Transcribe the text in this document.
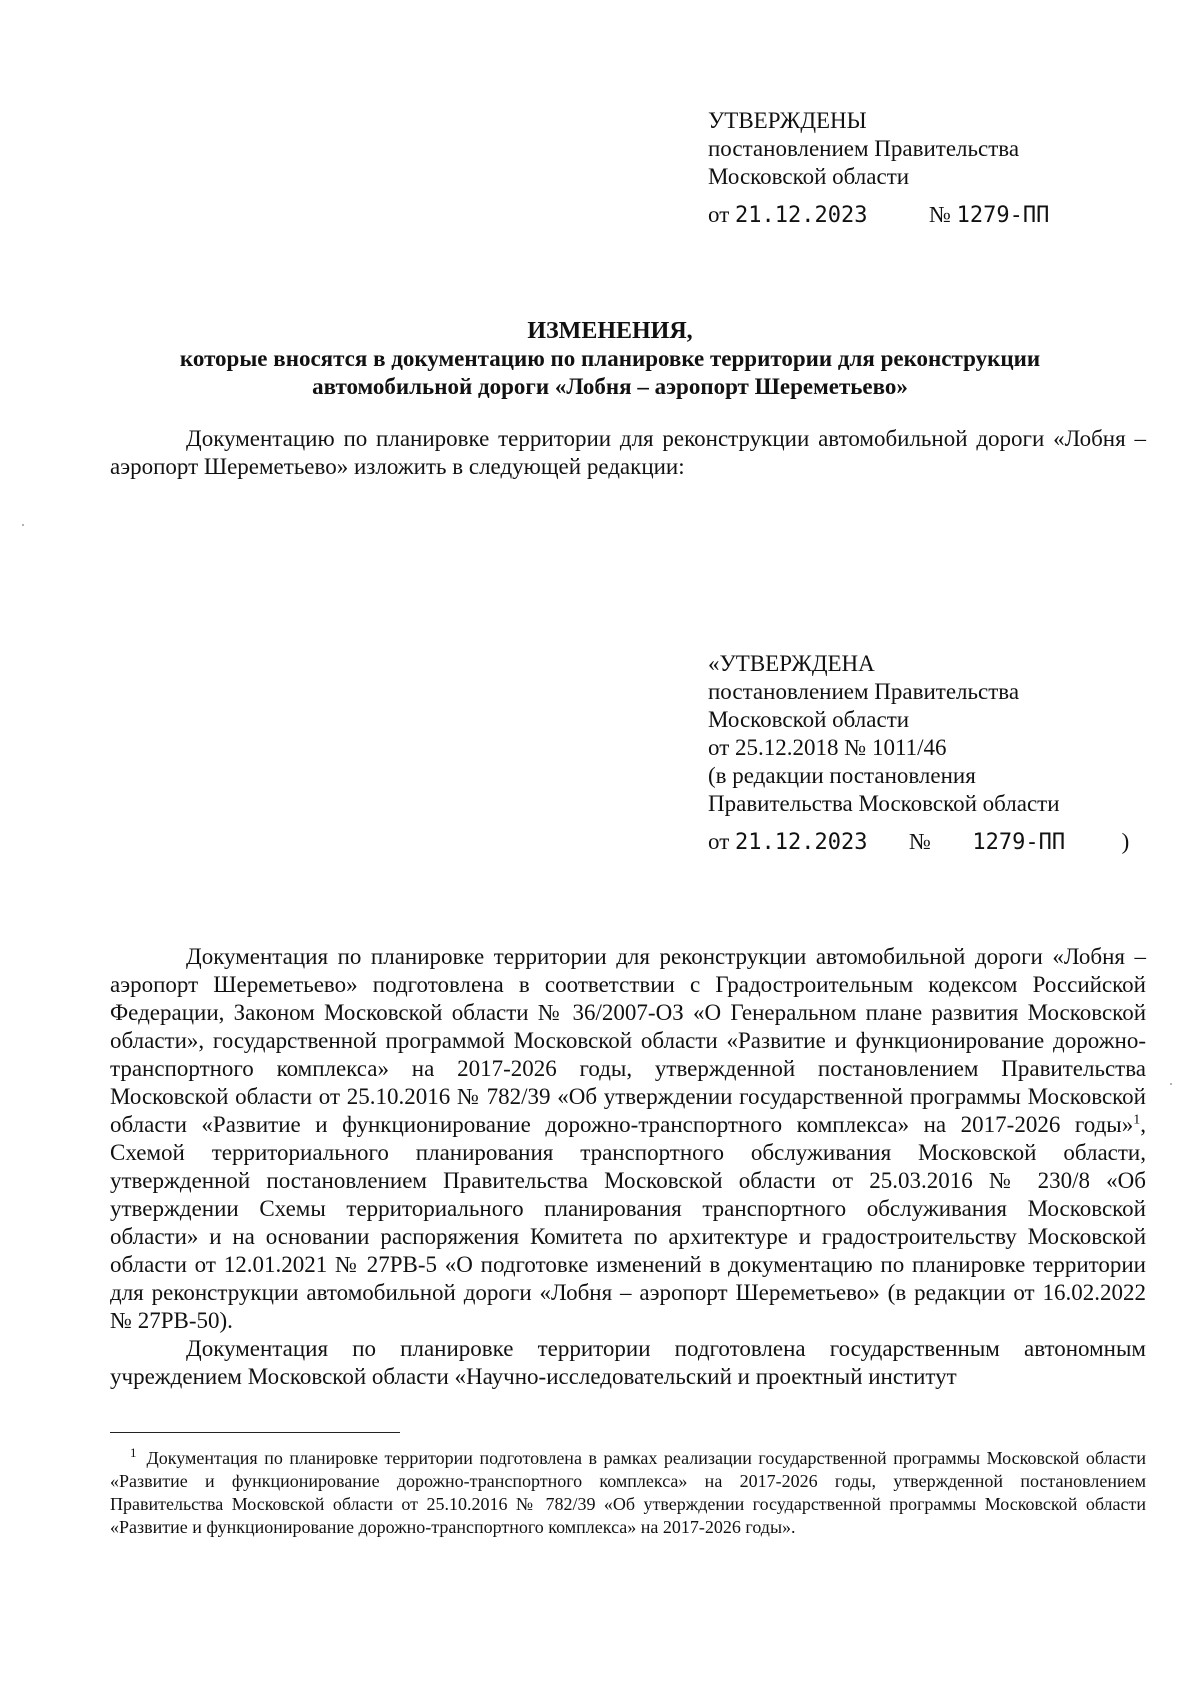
УТВЕРЖДЕНЫ
постановлением Правительства
Московской области
от 21.12.2023	№ 1279-ПП
ИЗМЕНЕНИЯ,
которые вносятся в документацию по планировке территории для реконструкции
автомобильной дороги «Лобня – аэропорт Шереметьево»
Документацию по планировке территории для реконструкции автомобильной дороги «Лобня – аэропорт Шереметьево» изложить в следующей редакции:
«УТВЕРЖДЕНА
постановлением Правительства
Московской области
от 25.12.2018 № 1011/46
(в редакции постановления
Правительства Московской области
от 21.12.2023 № 1279-ПП )
Документация по планировке территории для реконструкции автомобильной дороги «Лобня – аэропорт Шереметьево» подготовлена в соответствии с Градостроительным кодексом Российской Федерации, Законом Московской области № 36/2007-ОЗ «О Генеральном плане развития Московской области», государственной программой Московской области «Развитие и функционирование дорожно-транспортного комплекса» на 2017-2026 годы, утвержденной постановлением Правительства Московской области от 25.10.2016 № 782/39 «Об утверждении государственной программы Московской области «Развитие и функционирование дорожно-транспортного комплекса» на 2017-2026 годы»$^1$, Схемой территориального планирования транспортного обслуживания Московской области, утвержденной постановлением Правительства Московской области от 25.03.2016 № 230/8 «Об утверждении Схемы территориального планирования транспортного обслуживания Московской области» и на основании распоряжения Комитета по архитектуре и градостроительству Московской области от 12.01.2021 № 27РВ-5 «О подготовке изменений в документацию по планировке территории для реконструкции автомобильной дороги «Лобня – аэропорт Шереметьево» (в редакции от 16.02.2022 № 27РВ-50).
Документация по планировке территории подготовлена государственным автономным учреждением Московской области «Научно-исследовательский и проектный институт
$^1$ Документация по планировке территории подготовлена в рамках реализации государственной программы Московской области «Развитие и функционирование дорожно-транспортного комплекса» на 2017-2026 годы, утвержденной постановлением Правительства Московской области от 25.10.2016 № 782/39 «Об утверждении государственной программы Московской области «Развитие и функционирование дорожно-транспортного комплекса» на 2017-2026 годы».
